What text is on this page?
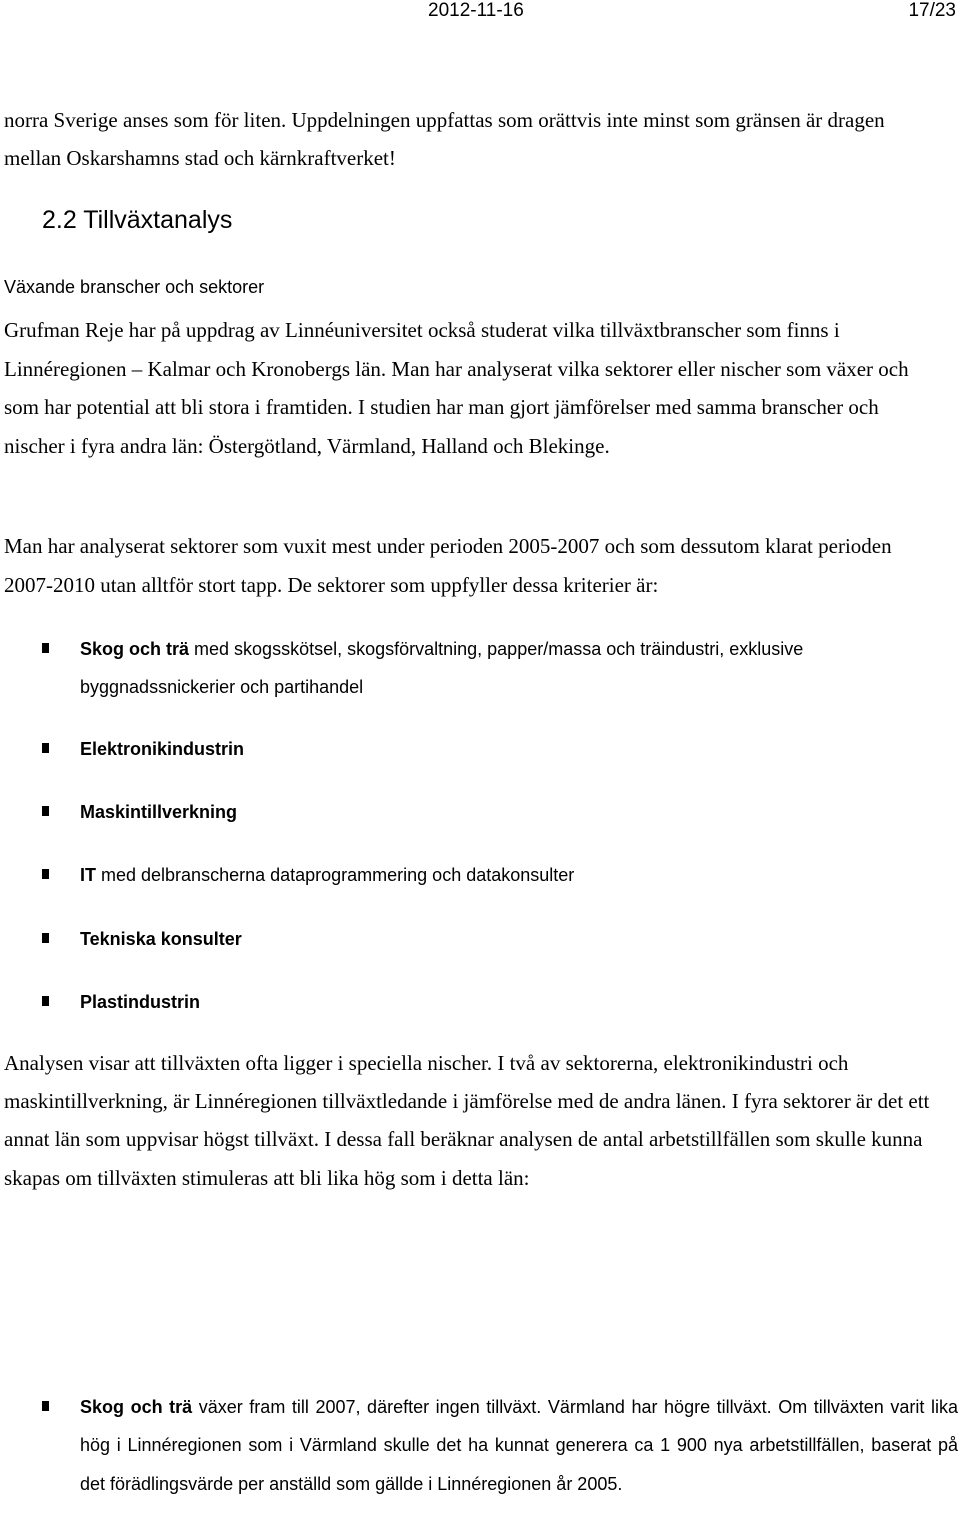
2012-11-16	17/23
norra Sverige anses som för liten. Uppdelningen uppfattas som orättvis inte minst som gränsen är dragen mellan Oskarshamns stad och kärnkraftverket!
2.2 Tillväxtanalys
Växande branscher och sektorer
Grufman Reje har på uppdrag av Linnéuniversitet också studerat vilka tillväxtbranscher som finns i Linnéregionen – Kalmar och Kronobergs län. Man har analyserat vilka sektorer eller nischer som växer och som har potential att bli stora i framtiden. I studien har man gjort jämförelser med samma branscher och nischer i fyra andra län: Östergötland, Värmland, Halland och Blekinge.
Man har analyserat sektorer som vuxit mest under perioden 2005-2007 och som dessutom klarat perioden 2007-2010 utan alltför stort tapp. De sektorer som uppfyller dessa kriterier är:
Skog och trä med skogsskötsel, skogsförvaltning, papper/massa och träindustri, exklusive byggnadssnickerier och partihandel
Elektronikindustrin
Maskintillverkning
IT med delbranscherna dataprogrammering och datakonsulter
Tekniska konsulter
Plastindustrin
Analysen visar att tillväxten ofta ligger i speciella nischer. I två av sektorerna, elektronikindustri och maskintillverkning, är Linnéregionen tillväxtledande i jämförelse med de andra länen. I fyra sektorer är det ett annat län som uppvisar högst tillväxt. I dessa fall beräknar analysen de antal arbetstillfällen som skulle kunna skapas om tillväxten stimuleras att bli lika hög som i detta län:
Skog och trä växer fram till 2007, därefter ingen tillväxt. Värmland har högre tillväxt. Om tillväxten varit lika hög i Linnéregionen som i Värmland skulle det ha kunnat generera ca 1 900 nya arbetstillfällen, baserat på det förädlingsvärde per anställd som gällde i Linnéregionen år 2005.
